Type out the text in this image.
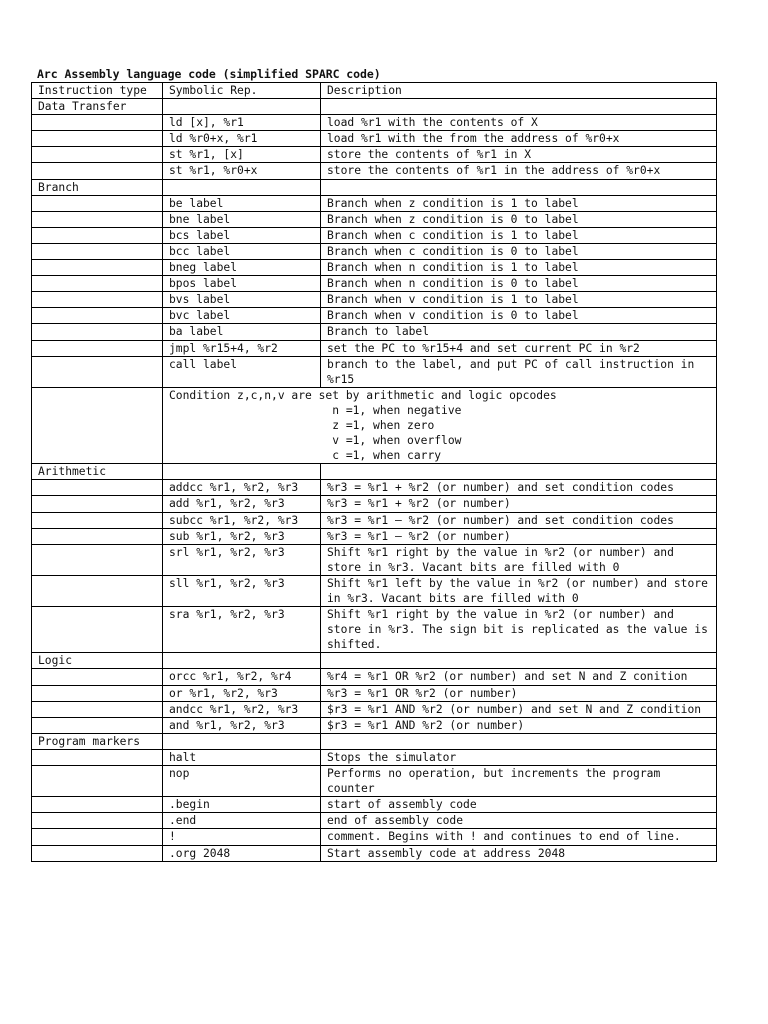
Arc Assembly language code (simplified SPARC code)
Instruction type	Symbolic Rep.	Description
Data Transfer		
	ld [x], %r1	load %r1 with the contents of X
	ld %r0+x, %r1	load %r1 with the from the address of %r0+x
	st %r1, [x]	store the contents of %r1 in X
	st %r1, %r0+x	store the contents of %r1 in the address of %r0+x
Branch		
	be label	Branch when z condition is 1 to label
	bne label	Branch when z condition is 0 to label
	bcs label	Branch when c condition is 1 to label
	bcc label	Branch when c condition is 0 to label
	bneg label	Branch when n condition is 1 to label
	bpos label	Branch when n condition is 0 to label
	bvs label	Branch when v condition is 1 to label
	bvc label	Branch when v condition is 0 to label
	ba label	Branch to label
	jmpl %r15+4, %r2	set the PC to %r15+4 and set current PC in %r2
	call label	branch to the label, and put PC of call instruction in %r15
	Condition z,c,n,v are set by arithmetic and logic opcodes
n =1, when negative
z =1, when zero
v =1, when overflow
c =1, when carry	
Arithmetic		
	addcc %r1, %r2, %r3	%r3 = %r1 + %r2 (or number) and set condition codes
	add %r1, %r2, %r3	%r3 = %r1 + %r2 (or number)
	subcc %r1, %r2, %r3	%r3 = %r1 – %r2 (or number) and set condition codes
	sub %r1, %r2, %r3	%r3 = %r1 – %r2 (or number)
	srl %r1, %r2, %r3	Shift %r1 right by the value in %r2 (or number) and store in %r3. Vacant bits are filled with 0
	sll %r1, %r2, %r3	Shift %r1 left by the value in %r2 (or number) and store in %r3. Vacant bits are filled with 0
	sra %r1, %r2, %r3	Shift %r1 right by the value in %r2 (or number) and store in %r3. The sign bit is replicated as the value is shifted.
Logic		
	orcc %r1, %r2, %r4	%r4 = %r1 OR %r2 (or number) and set N and Z conition
	or %r1, %r2, %r3	%r3 = %r1 OR %r2 (or number)
	andcc %r1, %r2, %r3	$r3 = %r1 AND %r2 (or number) and set N and Z condition
	and %r1, %r2, %r3	$r3 = %r1 AND %r2 (or number)
Program markers		
	halt	Stops the simulator
	nop	Performs no operation, but increments the program counter
	.begin	start of assembly code
	.end	end of assembly code
	!	comment. Begins with ! and continues to end of line.
	.org 2048	Start assembly code at address 2048
